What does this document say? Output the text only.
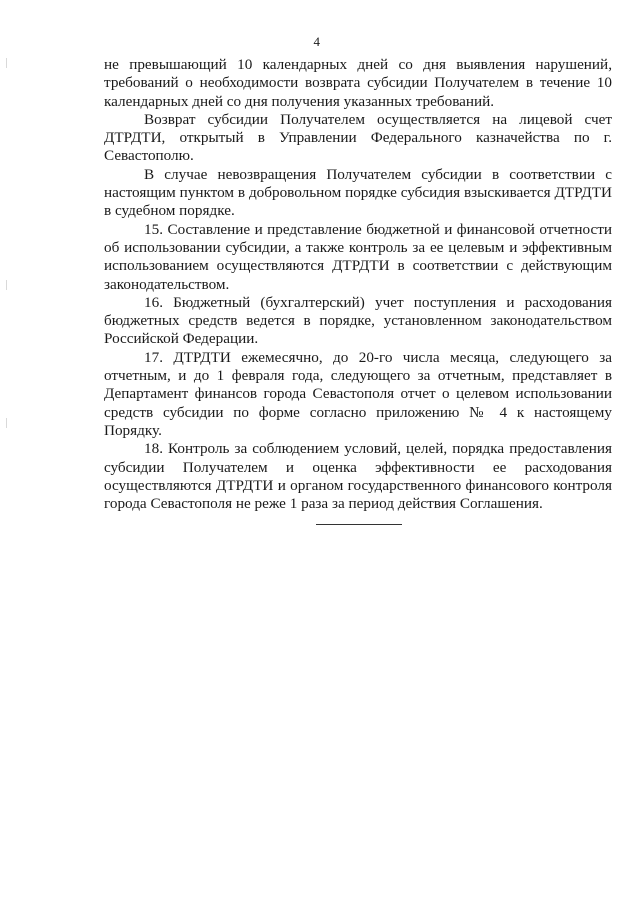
4

не превышающий 10 календарных дней со дня выявления нарушений, требований о необходимости возврата субсидии Получателем в течение 10 календарных дней со дня получения указанных требований.

Возврат субсидии Получателем осуществляется на лицевой счет ДТРДТИ, открытый в Управлении Федерального казначейства по г. Севастополю.

В случае невозвращения Получателем субсидии в соответствии с настоящим пунктом в добровольном порядке субсидия взыскивается ДТРДТИ в судебном порядке.

15. Составление и представление бюджетной и финансовой отчетности об использовании субсидии, а также контроль за ее целевым и эффективным использованием осуществляются ДТРДТИ в соответствии с действующим законодательством.

16. Бюджетный (бухгалтерский) учет поступления и расходования бюджетных средств ведется в порядке, установленном законодательством Российской Федерации.

17. ДТРДТИ ежемесячно, до 20-го числа месяца, следующего за отчетным, и до 1 февраля года, следующего за отчетным, представляет в Департамент финансов города Севастополя отчет о целевом использовании средств субсидии по форме согласно приложению № 4 к настоящему Порядку.

18. Контроль за соблюдением условий, целей, порядка предоставления субсидии Получателем и оценка эффективности ее расходования осуществляются ДТРДТИ и органом государственного финансового контроля города Севастополя не реже 1 раза за период действия Соглашения.
